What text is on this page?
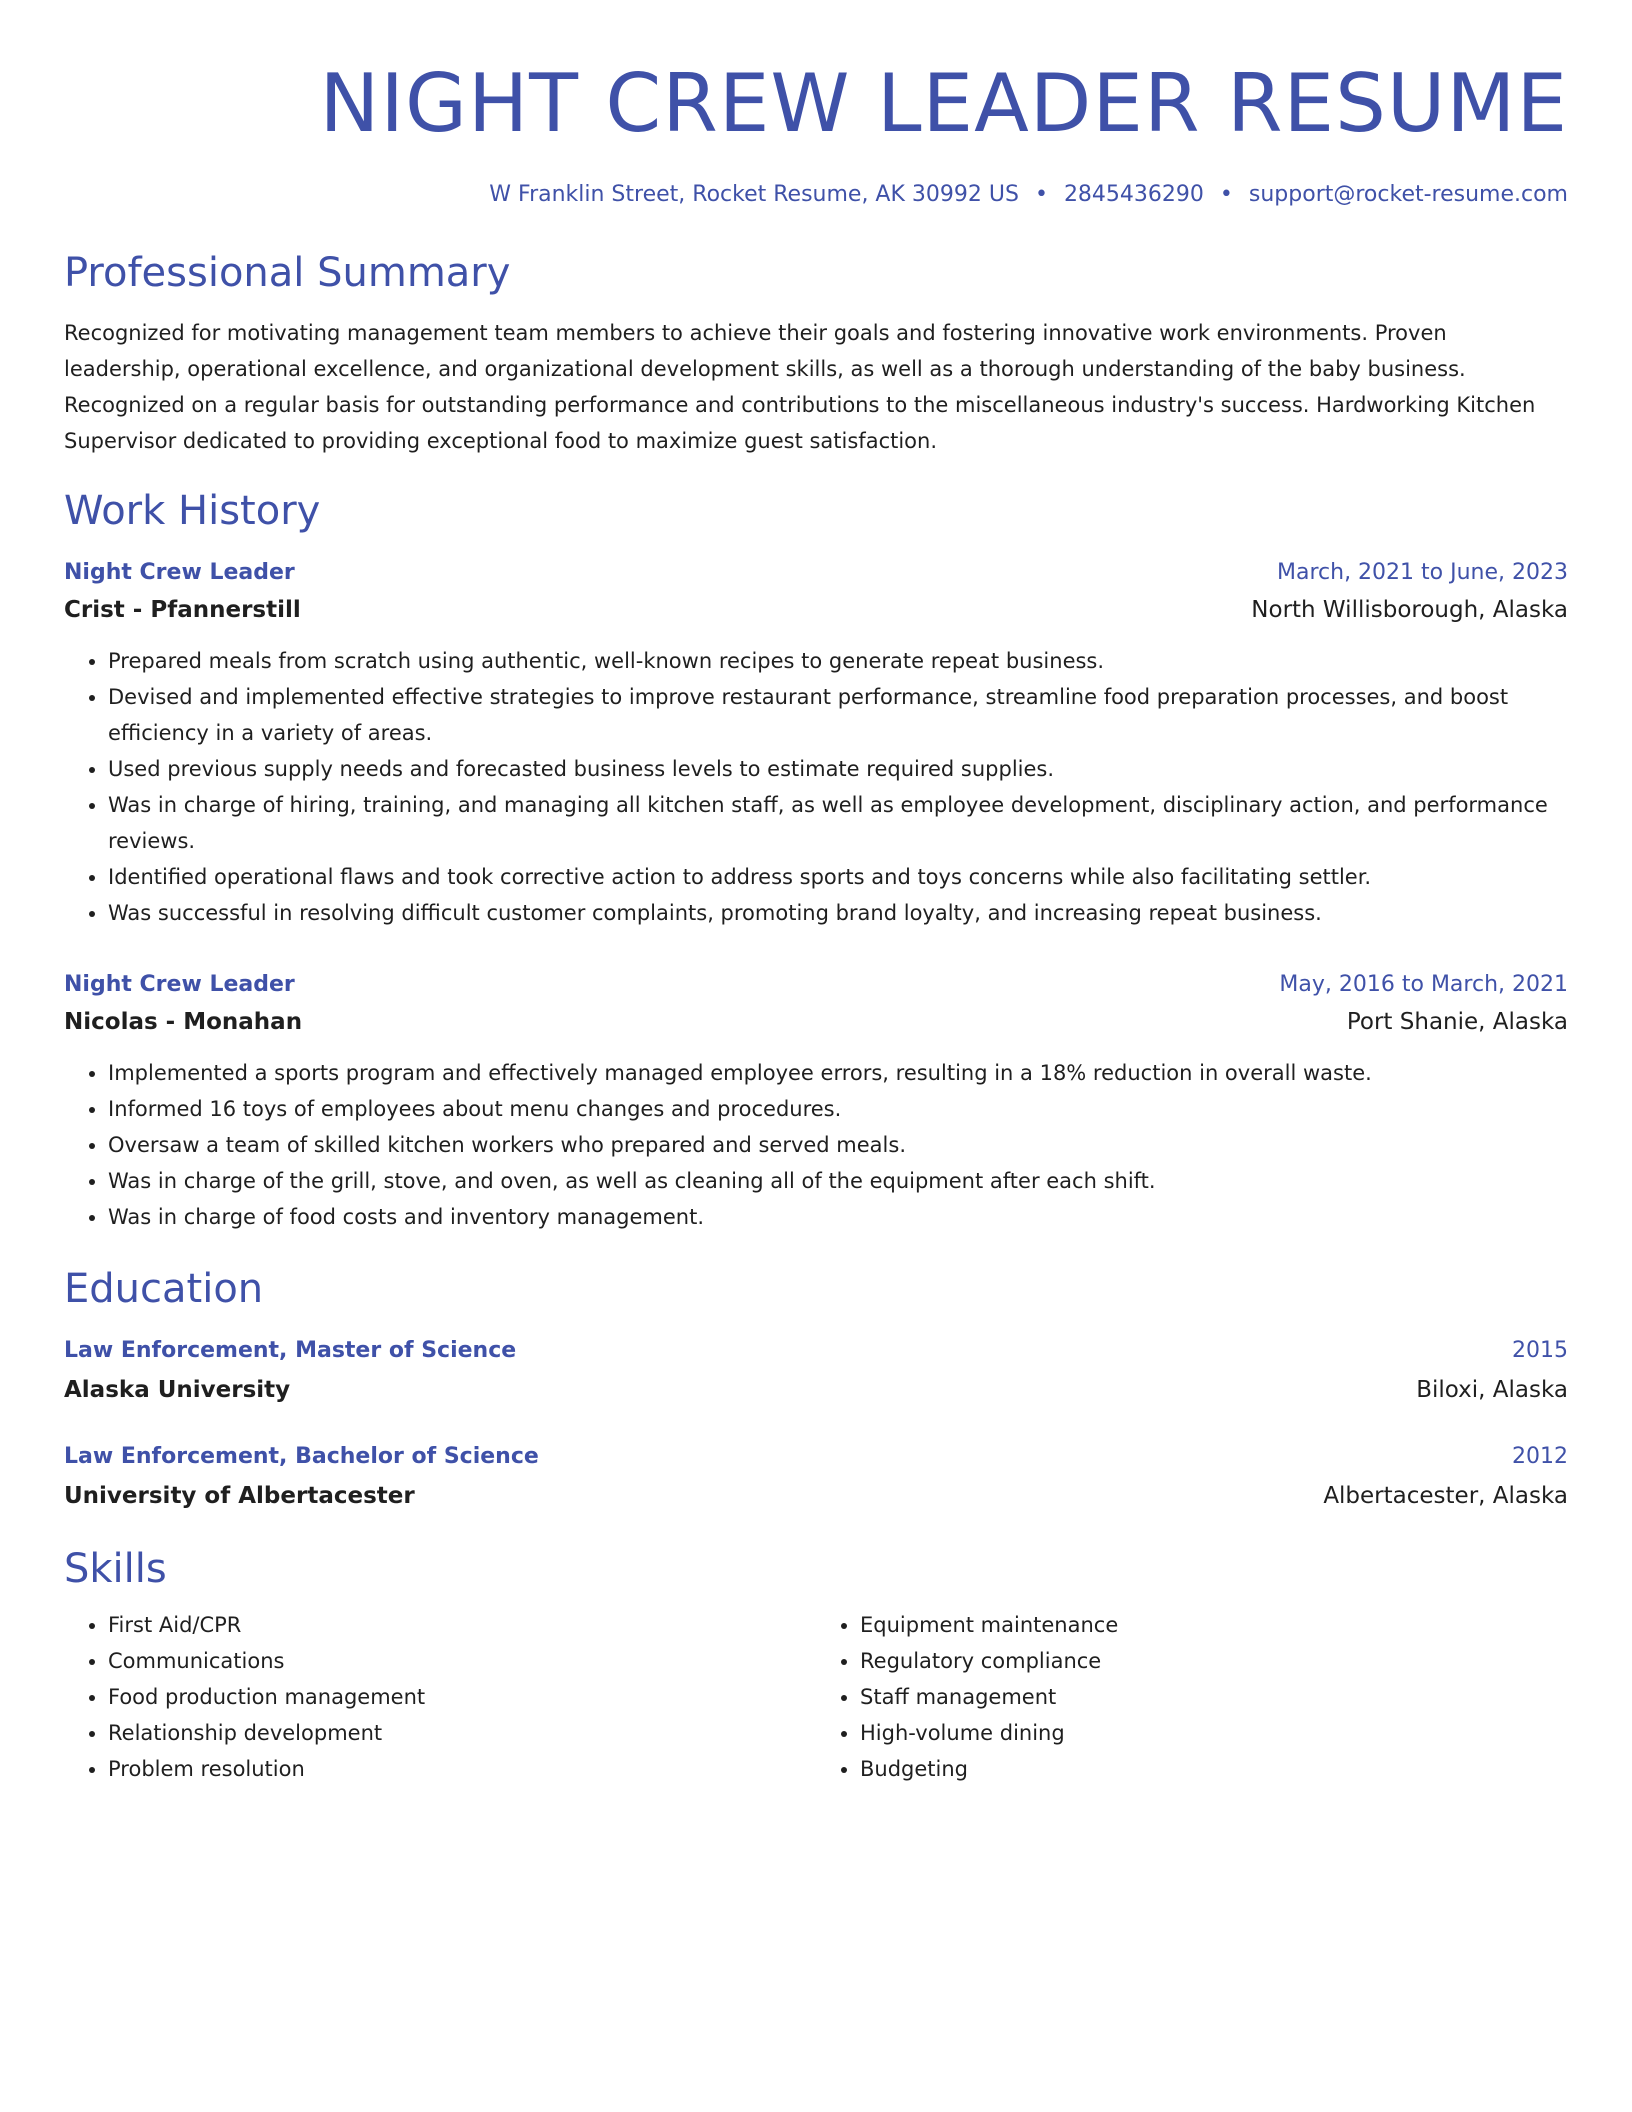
NIGHT CREW LEADER RESUME
W Franklin Street, Rocket Resume, AK 30992 US • 2845436290 • support@rocket-resume.com
Professional Summary
Recognized for motivating management team members to achieve their goals and fostering innovative work environments. Proven leadership, operational excellence, and organizational development skills, as well as a thorough understanding of the baby business. Recognized on a regular basis for outstanding performance and contributions to the miscellaneous industry's success. Hardworking Kitchen Supervisor dedicated to providing exceptional food to maximize guest satisfaction.
Work History
Night Crew Leader	March, 2021 to June, 2023
Crist - Pfannerstill	North Willisborough, Alaska
• Prepared meals from scratch using authentic, well-known recipes to generate repeat business.
• Devised and implemented effective strategies to improve restaurant performance, streamline food preparation processes, and boost efficiency in a variety of areas.
• Used previous supply needs and forecasted business levels to estimate required supplies.
• Was in charge of hiring, training, and managing all kitchen staff, as well as employee development, disciplinary action, and performance reviews.
• Identified operational flaws and took corrective action to address sports and toys concerns while also facilitating settler.
• Was successful in resolving difficult customer complaints, promoting brand loyalty, and increasing repeat business.
Night Crew Leader	May, 2016 to March, 2021
Nicolas - Monahan	Port Shanie, Alaska
• Implemented a sports program and effectively managed employee errors, resulting in a 18% reduction in overall waste.
• Informed 16 toys of employees about menu changes and procedures.
• Oversaw a team of skilled kitchen workers who prepared and served meals.
• Was in charge of the grill, stove, and oven, as well as cleaning all of the equipment after each shift.
• Was in charge of food costs and inventory management.
Education
Law Enforcement, Master of Science	2015
Alaska University	Biloxi, Alaska
Law Enforcement, Bachelor of Science	2012
University of Albertacester	Albertacester, Alaska
Skills
• First Aid/CPR
• Communications
• Food production management
• Relationship development
• Problem resolution
• Equipment maintenance
• Regulatory compliance
• Staff management
• High-volume dining
• Budgeting
